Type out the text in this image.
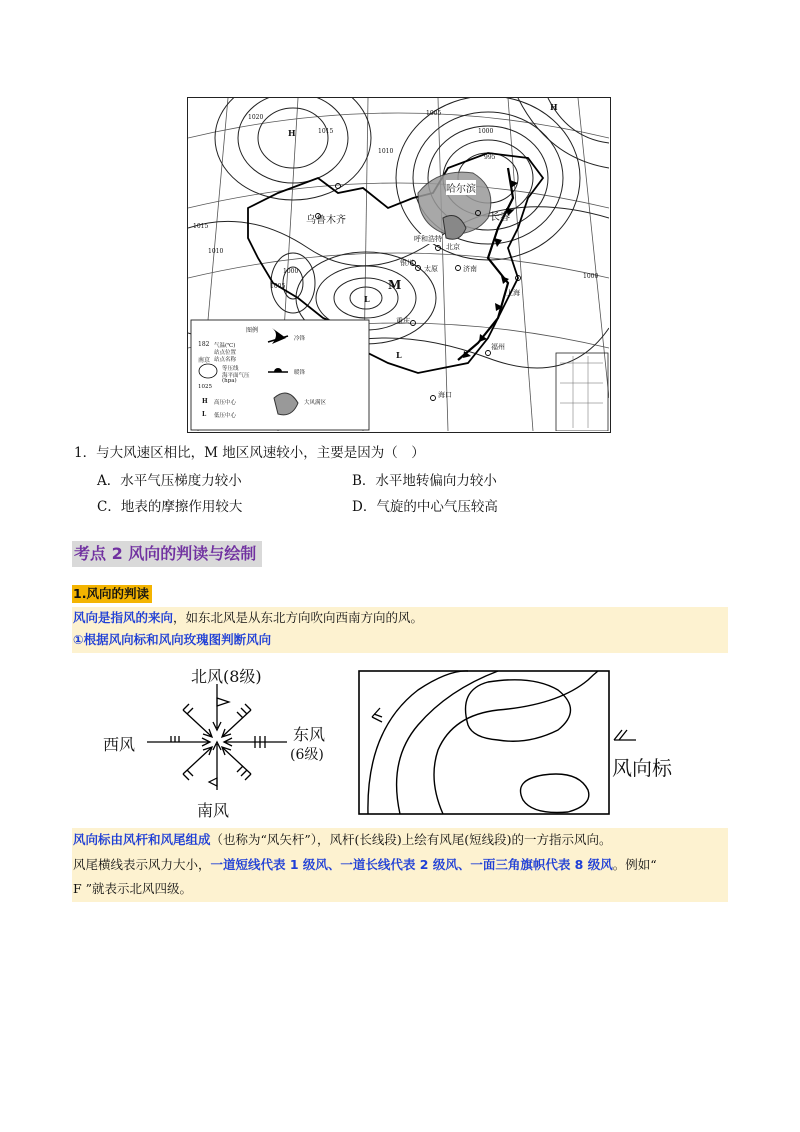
1020
1015
1010
1005
1000
995
1015
1010
1005
1000
1000
乌鲁木齐
哈尔滨
长春
北京
太原	济南
上海
重庆
福州
海口
呼和浩特
银川
H
L
M
L
H
图例
182 气温(℃)
站点位置
南京 站点名称
等压线
海平面气压
(hpa)
1025
H 高压中心
L 低压中心
冷锋
暖锋
大风满区
1．与大风速区相比，M 地区风速较小，主要是因为（　）
A．水平气压梯度力较小	B．水平地转偏向力较小
C．地表的摩擦作用较大	D．气旋的中心气压较高
考点 2 风向的判读与绘制
1.风向的判读
风向是指风的来向，如东北风是从东北方向吹向西南方向的风。
①根据风向标和风向玫瑰图判断风向
北风(8级)
西风
东风
(6级)
南风
风向标
风向标由风杆和风尾组成（也称为“风矢杆”），风杆(长线段)上绘有风尾(短线段)的一方指示风向。
风尾横线表示风力大小，一道短线代表 1 级风、一道长线代表 2 级风、一面三角旗帜代表 8 级风。例如“
F ”就表示北风四级。
